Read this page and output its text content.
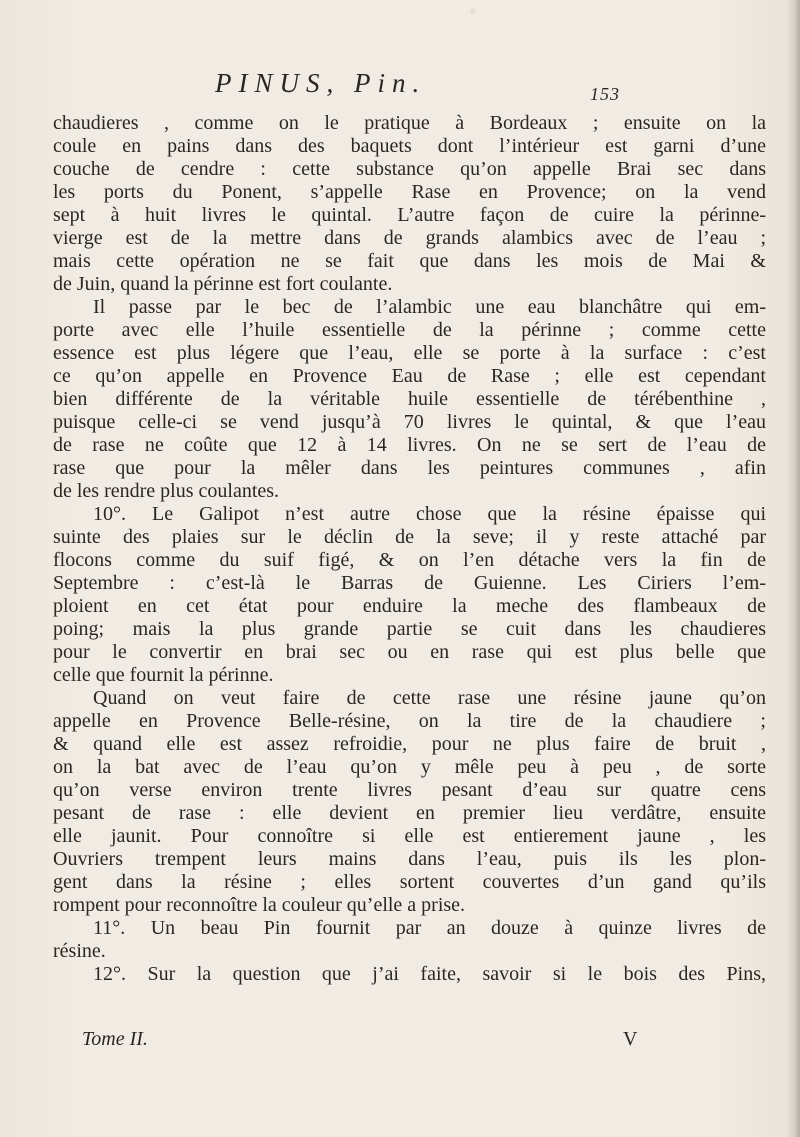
PINUS, Pin.	153
chaudieres , comme on le pratique à Bordeaux ; ensuite on la
coule en pains dans des baquets dont l’intérieur est garni d’une
couche de cendre : cette substance qu’on appelle Brai sec dans
les ports du Ponent, s’appelle Rase en Provence; on la vend
sept à huit livres le quintal. L’autre façon de cuire la périnne-
vierge est de la mettre dans de grands alambics avec de l’eau ;
mais cette opération ne se fait que dans les mois de Mai &
de Juin, quand la périnne est fort coulante.
Il passe par le bec de l’alambic une eau blanchâtre qui em-
porte avec elle l’huile essentielle de la périnne ; comme cette
essence est plus légere que l’eau, elle se porte à la surface : c’est
ce qu’on appelle en Provence Eau de Rase ; elle est cependant
bien différente de la véritable huile essentielle de térébenthine ,
puisque celle-ci se vend jusqu’à 70 livres le quintal, & que l’eau
de rase ne coûte que 12 à 14 livres. On ne se sert de l’eau de
rase que pour la mêler dans les peintures communes , afin
de les rendre plus coulantes.
10°. Le Galipot n’est autre chose que la résine épaisse qui
suinte des plaies sur le déclin de la seve; il y reste attaché par
flocons comme du suif figé, & on l’en détache vers la fin de
Septembre : c’est-là le Barras de Guienne. Les Ciriers l’em-
ploient en cet état pour enduire la meche des flambeaux de
poing; mais la plus grande partie se cuit dans les chaudieres
pour le convertir en brai sec ou en rase qui est plus belle que
celle que fournit la périnne.
Quand on veut faire de cette rase une résine jaune qu’on
appelle en Provence Belle-résine, on la tire de la chaudiere ;
& quand elle est assez refroidie, pour ne plus faire de bruit ,
on la bat avec de l’eau qu’on y mêle peu à peu , de sorte
qu’on verse environ trente livres pesant d’eau sur quatre cens
pesant de rase : elle devient en premier lieu verdâtre, ensuite
elle jaunit. Pour connoître si elle est entierement jaune , les
Ouvriers trempent leurs mains dans l’eau, puis ils les plon-
gent dans la résine ; elles sortent couvertes d’un gand qu’ils
rompent pour reconnoître la couleur qu’elle a prise.
11°. Un beau Pin fournit par an douze à quinze livres de
résine.
12°. Sur la question que j’ai faite, savoir si le bois des Pins,
Tome II.	V
